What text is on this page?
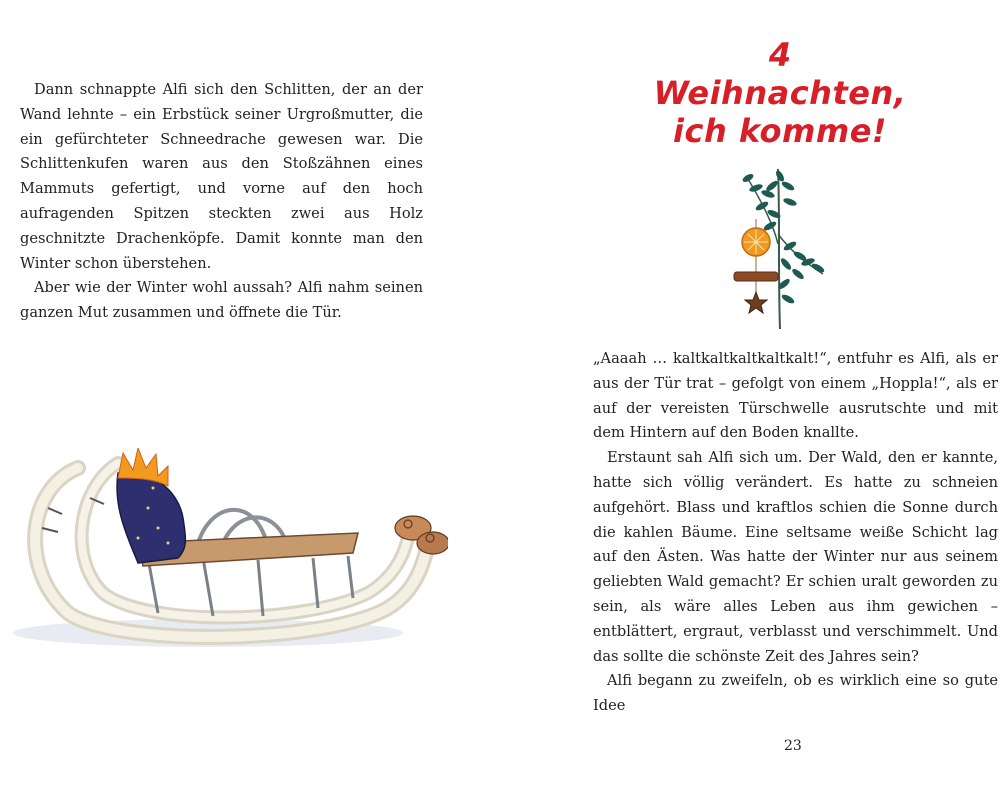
Dann schnappte Alfi sich den Schlitten, der an der Wand lehnte – ein Erbstück seiner Urgroßmutter, die ein gefürchteter Schneedrache gewesen war. Die Schlittenkufen waren aus den Stoßzähnen eines Mammuts gefertigt, und vorne auf den hoch aufragenden Spitzen steckten zwei aus Holz geschnitzte Drachenköpfe. Damit konnte man den Winter schon überstehen.

Aber wie der Winter wohl aussah? Alfi nahm seinen ganzen Mut zusammen und öffnete die Tür.

4
Weihnachten,
ich komme!

„Aaaah … kaltkaltkaltkaltkalt!“, entfuhr es Alfi, als er aus der Tür trat – gefolgt von einem „Hoppla!“, als er auf der vereisten Türschwelle ausrutschte und mit dem Hintern auf den Boden knallte.

Erstaunt sah Alfi sich um. Der Wald, den er kannte, hatte sich völlig verändert. Es hatte zu schneien aufgehört. Blass und kraftlos schien die Sonne durch die kahlen Bäume. Eine seltsame weiße Schicht lag auf den Ästen. Was hatte der Winter nur aus seinem geliebten Wald gemacht? Er schien uralt geworden zu sein, als wäre alles Leben aus ihm gewichen – entblättert, ergraut, verblasst und verschimmelt. Und das sollte die schönste Zeit des Jahres sein?

Alfi begann zu zweifeln, ob es wirklich eine so gute Idee

23
